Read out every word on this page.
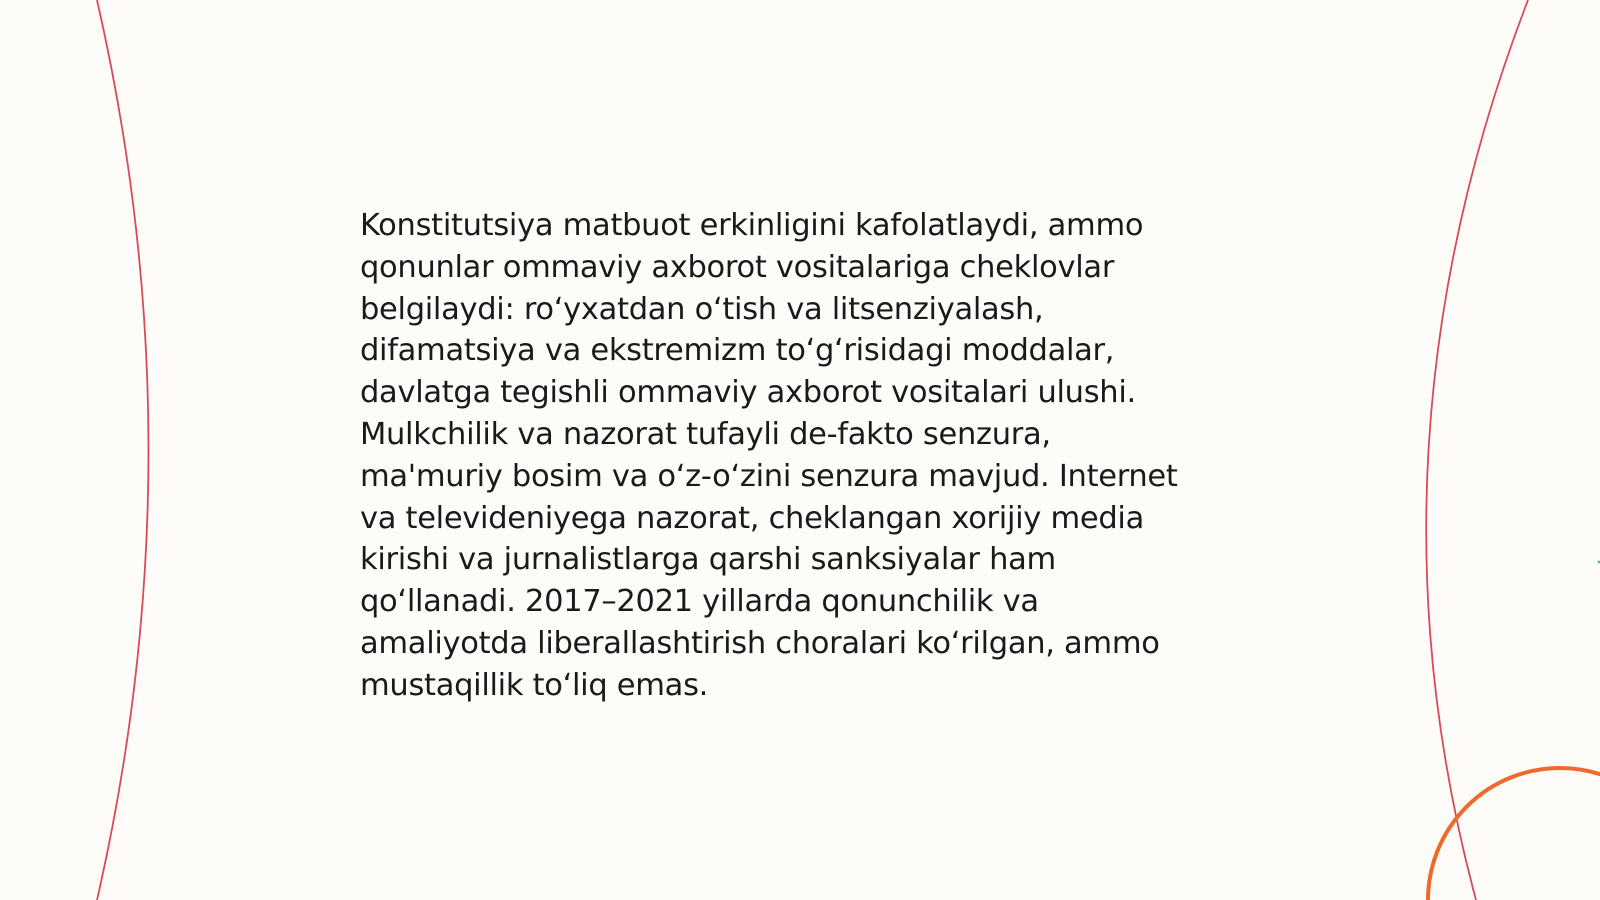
Konstitutsiya matbuot erkinligini kafolatlaydi, ammo
qonunlar ommaviy axborot vositalariga cheklovlar
belgilaydi: roʻyxatdan oʻtish va litsenziyalash,
difamatsiya va ekstremizm toʻgʻrisidagi moddalar,
davlatga tegishli ommaviy axborot vositalari ulushi.
Mulkchilik va nazorat tufayli de-fakto senzura,
ma'muriy bosim va oʻz-oʻzini senzura mavjud. Internet
va televideniyega nazorat, cheklangan xorijiy media
kirishi va jurnalistlarga qarshi sanksiyalar ham
qoʻllanadi. 2017–2021 yillarda qonunchilik va
amaliyotda liberallashtirish choralari koʻrilgan, ammo
mustaqillik toʻliq emas.
